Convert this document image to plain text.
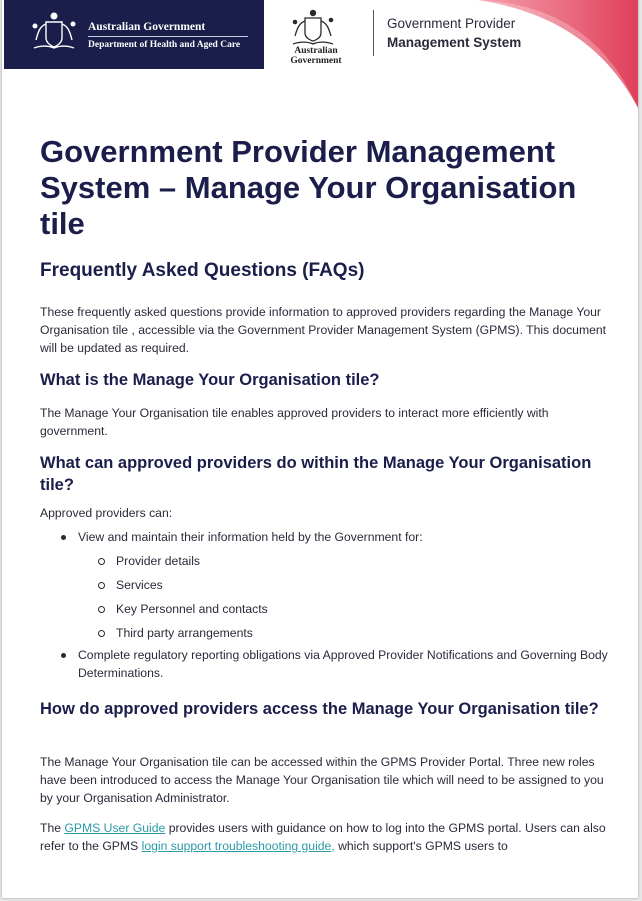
Australian Government
Department of Health and Aged Care
Australian Government
Government Provider
Management System
Government Provider Management System – Manage Your Organisation tile
Frequently Asked Questions (FAQs)

These frequently asked questions provide information to approved providers regarding the Manage Your Organisation tile , accessible via the Government Provider Management System (GPMS). This document will be updated as required.

What is the Manage Your Organisation tile?

The Manage Your Organisation tile enables approved providers to interact more efficiently with government.

What can approved providers do within the Manage Your Organisation tile?

Approved providers can:

View and maintain their information held by the Government for:
Provider details
Services
Key Personnel and contacts
Third party arrangements
Complete regulatory reporting obligations via Approved Provider Notifications and Governing Body Determinations.
How do approved providers access the Manage Your Organisation tile?

The Manage Your Organisation tile can be accessed within the GPMS Provider Portal. Three new roles have been introduced to access the Manage Your Organisation tile which will need to be assigned to you by your Organisation Administrator.

The GPMS User Guide provides users with guidance on how to log into the GPMS portal. Users can also refer to the GPMS login support troubleshooting guide, which support's GPMS users to
